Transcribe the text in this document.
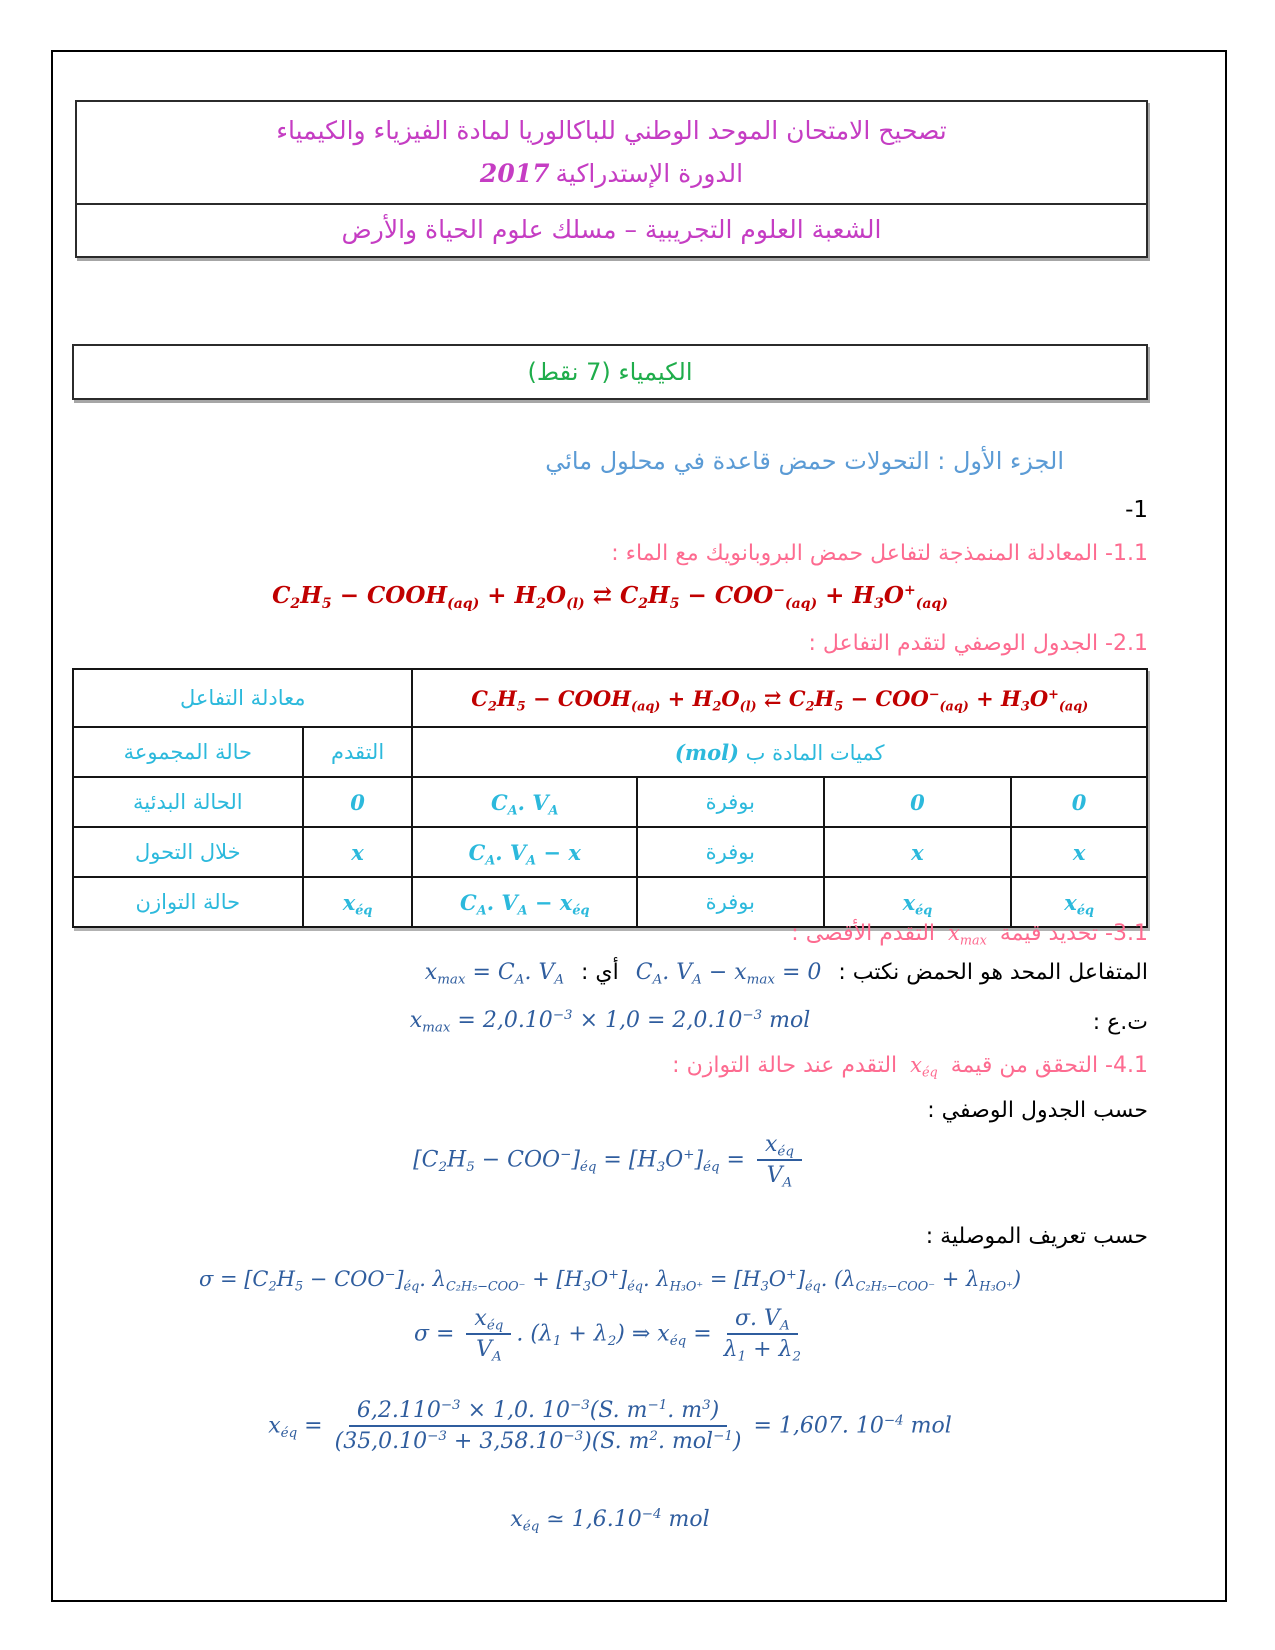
تصحيح الامتحان الموحد الوطني للباكالوريا لمادة الفيزياء والكيمياء

الدورة الإستدراكية2017

الشعبة العلوم التجريبية – مسلك علوم الحياة والأرض

الكيمياء (7 نقط)
الجزء الأول : التحولات حمض قاعدة في محلول مائي
-1
1.1- المعادلة المنمذجة لتفاعل حمض البروبانويك مع الماء :
$C_2H_5$ − $COOH_{(aq)} + H_2O_{(l)}$ ⇄ $C_2H_5 - COO^-_{(aq)} + H_3O^+_{(aq)}$
2.1- الجدول الوصفي لتقدم التفاعل :
معادلة التفاعل		$C_2H_5$ − $COOH_{(aq)} + H_2O_{(l)}$ ⇄ $C_2H_5 - COO^-_{(aq)} + H_3O^+_{(aq)}$
حالة المجموعة	التقدم	كميات المادة ب (mol)			
الحالة البدئية	0	$C_A$. $V_A$	بوفرة	0	0
خلال التحول	x	$C_A$. $V_A - x$	بوفرة	x	x
حالة التوازن	$x_{éq}$	$C_A$. $V_A - x_{éq}$	بوفرة	$x_{éq}$	$x_{éq}$
3.1- تحديد قيمة $x_{max}$ التقدم الأقصى :
المتفاعل المحد هو الحمض نكتب : $C_A$. $V_A - x_{max} = 0$ أي : $x_{max} = C_A$. $V_A$
$x_{max} = 2,0.10^{-3} \times 1,0 = 2,0.10^{-3}$ mol	ت.ع :
4.1- التحقق من قيمة $x_{éq}$ التقدم عند حالة التوازن :
حسب الجدول الوصفي :
$[C_2H_5 - COO^-]_{éq} = [H_3O^+]_{éq} = \frac{x_{éq}}{V_A}$
حسب تعريف الموصلية :
$\sigma = [C_2H_5 - COO^-]_{éq}$. $\lambda_{C_2H_5-COO^-} + [H_3O^+]_{éq}$. $\lambda_{H_3O^+} = [H_3O^+]_{éq}$. $(\lambda_{C_2H_5-COO^-} + \lambda_{H_3O^+})$
$\sigma = \frac{x_{éq}}{V_A}$ . $(\lambda_1 + \lambda_2)$ ⇒ $x_{éq} = \frac{\sigma. V_A}{\lambda_1 + \lambda_2}$
$x_{éq} = \frac{6,2.110^{-3} \times 1,0. 10^{-3}(S. m^{-1}. m^3)}{(35,0.10^{-3} + 3,58.10^{-3})(S. m^2. mol^{-1})} = 1,607$. $10^{-4}$ mol
$x_{éq}$ ≃ $1,6.10^{-4}$ mol
